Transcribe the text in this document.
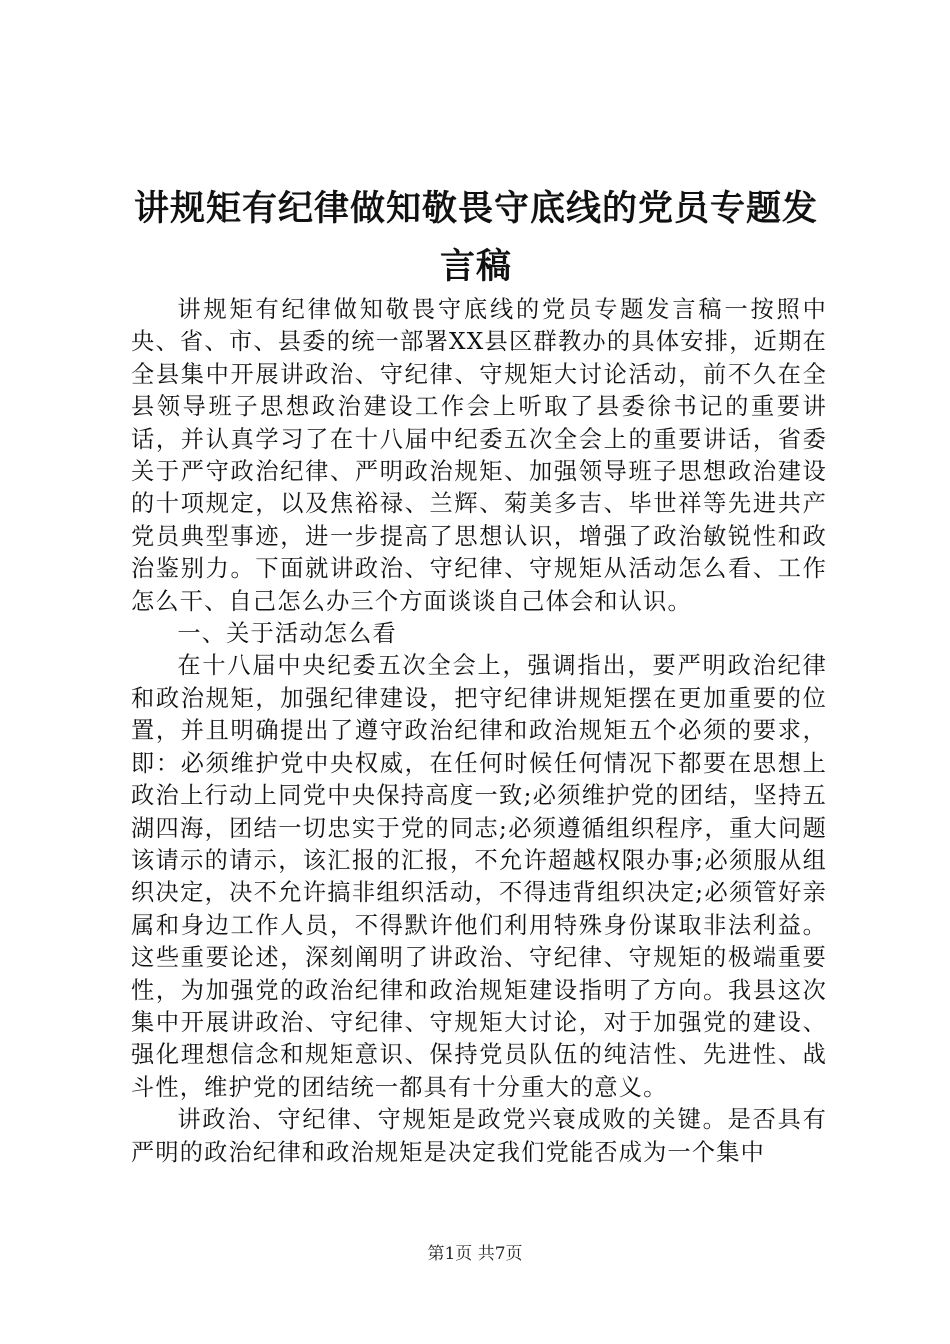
讲规矩有纪律做知敬畏守底线的党员专题发言稿

讲规矩有纪律做知敬畏守底线的党员专题发言稿一按照中央、省、市、县委的统一部署XX县区群教办的具体安排，近期在全县集中开展讲政治、守纪律、守规矩大讨论活动，前不久在全县领导班子思想政治建设工作会上听取了县委徐书记的重要讲话，并认真学习了在十八届中纪委五次全会上的重要讲话，省委关于严守政治纪律、严明政治规矩、加强领导班子思想政治建设的十项规定，以及焦裕禄、兰辉、菊美多吉、毕世祥等先进共产党员典型事迹，进一步提高了思想认识，增强了政治敏锐性和政治鉴别力。下面就讲政治、守纪律、守规矩从活动怎么看、工作怎么干、自己怎么办三个方面谈谈自己体会和认识。

一、关于活动怎么看

在十八届中央纪委五次全会上，强调指出，要严明政治纪律和政治规矩，加强纪律建设，把守纪律讲规矩摆在更加重要的位置，并且明确提出了遵守政治纪律和政治规矩五个必须的要求，即：必须维护党中央权威，在任何时候任何情况下都要在思想上政治上行动上同党中央保持高度一致;必须维护党的团结，坚持五湖四海，团结一切忠实于党的同志;必须遵循组织程序，重大问题该请示的请示，该汇报的汇报，不允许超越权限办事;必须服从组织决定，决不允许搞非组织活动，不得违背组织决定;必须管好亲属和身边工作人员，不得默许他们利用特殊身份谋取非法利益。这些重要论述，深刻阐明了讲政治、守纪律、守规矩的极端重要性，为加强党的政治纪律和政治规矩建设指明了方向。我县这次集中开展讲政治、守纪律、守规矩大讨论，对于加强党的建设、强化理想信念和规矩意识、保持党员队伍的纯洁性、先进性、战斗性，维护党的团结统一都具有十分重大的意义。

讲政治、守纪律、守规矩是政党兴衰成败的关键。是否具有严明的政治纪律和政治规矩是决定我们党能否成为一个集中

第1页 共7页
